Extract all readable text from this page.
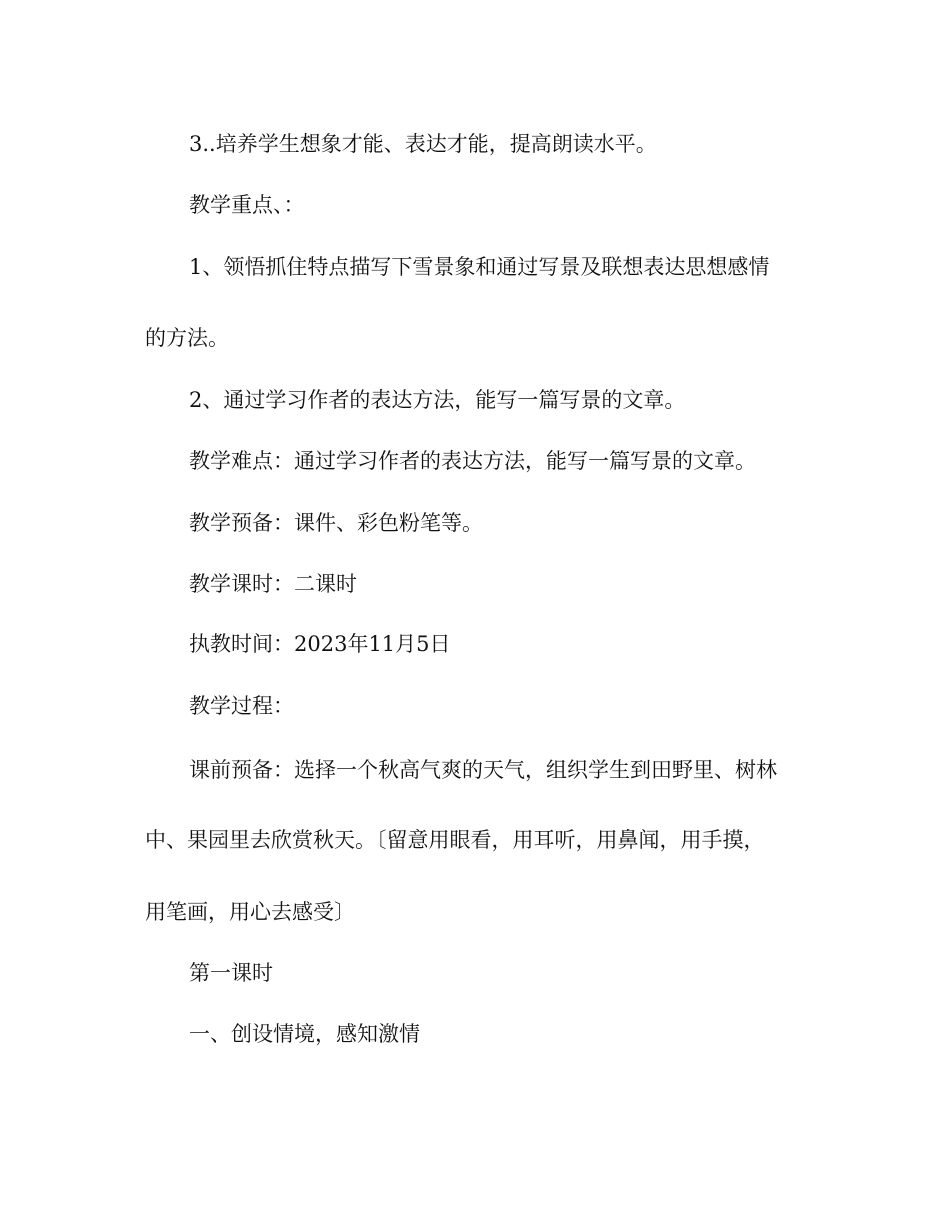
3..培养学生想象才能、表达才能，提高朗读水平。
教学重点、：
1、领悟抓住特点描写下雪景象和通过写景及联想表达思想感情
的方法。
2、通过学习作者的表达方法，能写一篇写景的文章。
教学难点：通过学习作者的表达方法，能写一篇写景的文章。
教学预备：课件、彩色粉笔等。
教学课时：二课时
执教时间：2023年11月5日
教学过程：
课前预备：选择一个秋高气爽的天气，组织学生到田野里、树林
中、果园里去欣赏秋天。〔留意用眼看，用耳听，用鼻闻，用手摸，
用笔画，用心去感受〕
第一课时
一、创设情境，感知激情
